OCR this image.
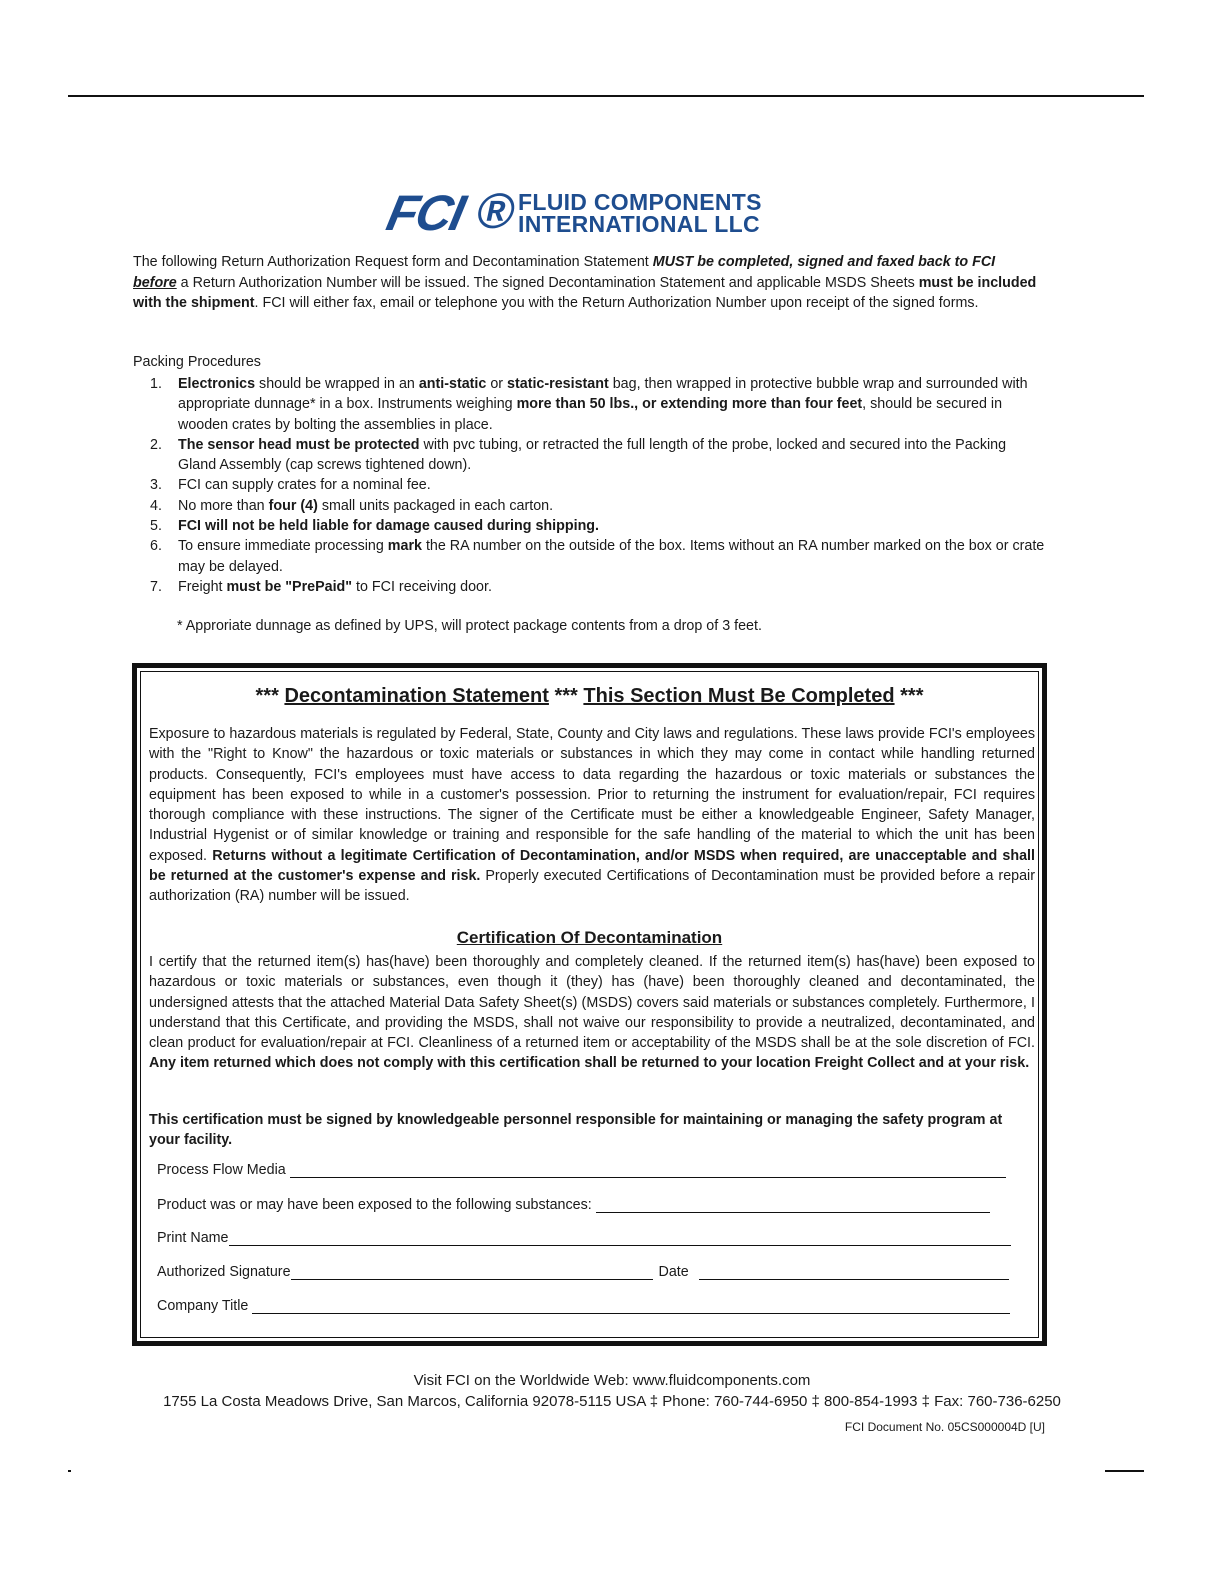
FCI ® FLUID COMPONENTS
INTERNATIONAL LLC
The following Return Authorization Request form and Decontamination Statement MUST be completed, signed and faxed back to FCI before a Return Authorization Number will be issued. The signed Decontamination Statement and applicable MSDS Sheets must be included with the shipment. FCI will either fax, email or telephone you with the Return Authorization Number upon receipt of the signed forms.
Packing Procedures
1. Electronics should be wrapped in an anti-static or static-resistant bag, then wrapped in protective bubble wrap and surrounded with appropriate dunnage* in a box. Instruments weighing more than 50 lbs., or extending more than four feet, should be secured in wooden crates by bolting the assemblies in place.
2. The sensor head must be protected with pvc tubing, or retracted the full length of the probe, locked and secured into the Packing Gland Assembly (cap screws tightened down).
3. FCI can supply crates for a nominal fee.
4. No more than four (4) small units packaged in each carton.
5. FCI will not be held liable for damage caused during shipping.
6. To ensure immediate processing mark the RA number on the outside of the box. Items without an RA number marked on the box or crate may be delayed.
7. Freight must be "PrePaid" to FCI receiving door.
* Approriate dunnage as defined by UPS, will protect package contents from a drop of 3 feet.
*** Decontamination Statement *** This Section Must Be Completed ***
Exposure to hazardous materials is regulated by Federal, State, County and City laws and regulations. These laws provide FCI's employees with the "Right to Know" the hazardous or toxic materials or substances in which they may come in contact while handling returned products. Consequently, FCI's employees must have access to data regarding the hazardous or toxic materials or substances the equipment has been exposed to while in a customer's possession. Prior to returning the instrument for evaluation/repair, FCI requires thorough compliance with these instructions. The signer of the Certificate must be either a knowledgeable Engineer, Safety Manager, Industrial Hygenist or of similar knowledge or training and responsible for the safe handling of the material to which the unit has been exposed. Returns without a legitimate Certification of Decontamination, and/or MSDS when required, are unacceptable and shall be returned at the customer's expense and risk. Properly executed Certifications of Decontamination must be provided before a repair authorization (RA) number will be issued.
Certification Of Decontamination
I certify that the returned item(s) has(have) been thoroughly and completely cleaned. If the returned item(s) has(have) been exposed to hazardous or toxic materials or substances, even though it (they) has (have) been thoroughly cleaned and decontaminated, the undersigned attests that the attached Material Data Safety Sheet(s) (MSDS) covers said materials or substances completely. Furthermore, I understand that this Certificate, and providing the MSDS, shall not waive our responsibility to provide a neutralized, decontaminated, and clean product for evaluation/repair at FCI. Cleanliness of a returned item or acceptability of the MSDS shall be at the sole discretion of FCI. Any item returned which does not comply with this certification shall be returned to your location Freight Collect and at your risk.
This certification must be signed by knowledgeable personnel responsible for maintaining or managing the safety program at your facility.
Process Flow Media
Product was or may have been exposed to the following substances:
Print Name
Authorized Signature	Date
Company Title
Visit FCI on the Worldwide Web: www.fluidcomponents.com
1755 La Costa Meadows Drive, San Marcos, California 92078-5115 USA ‡ Phone: 760-744-6950 ‡ 800-854-1993 ‡ Fax: 760-736-6250
FCI Document No. 05CS000004D [U]
